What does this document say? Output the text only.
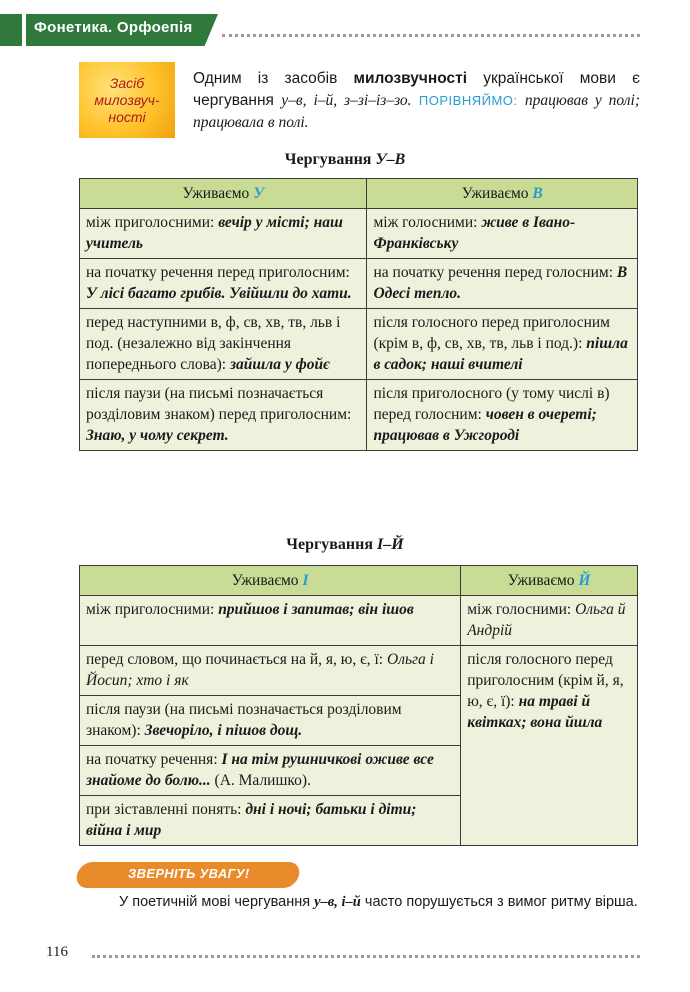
Фонетика. Орфоепія
Засіб
милозвуч-
ності
Одним із засобів милозвучності української мови є чергування у–в, і–й, з–зі–із–зо. ПОРІВНЯЙМО: працював у полі; працювала в полі.
Чергування У–В
Уживаємо У	Уживаємо В
між приголосними: вечір у місті; наш учитель	між голосними: живе в Івано-Франківську
на початку речення перед приголосним: У лісі багато грибів. Увійшли до хати.	на початку речення перед голосним: В Одесі тепло.
перед наступними в, ф, св, хв, тв, льв і под. (незалежно від закінчення попереднього слова): зайшла у фойє	після голосного перед приголосним (крім в, ф, св, хв, тв, льв і под.): пішла в садок; наші вчителі
після паузи (на письмі позначається розділовим знаком) перед приголосним: Знаю, у чому секрет.	після приголосного (у тому числі в) перед голосним: човен в очереті; працював в Ужгороді
Чергування І–Й
Уживаємо І	Уживаємо Й
між приголосними: прийшов і запитав; він ішов	між голосними: Ольга й Андрій
перед словом, що починається на й, я, ю, є, ї: Ольга і Йосип; хто і як	після голосного перед приголосним (крім й, я, ю, є, ї): на траві й квітках; вона йшла
після паузи (на письмі позначається розділовим знаком): Звечоріло, і пішов дощ.	
на початку речення: І на тім рушничкові оживе все знайоме до болю... (А. Малишко).	
при зіставленні понять: дні і ночі; батьки і діти; війна і мир	
ЗВЕРНІТЬ УВАГУ!
У поетичній мові чергування у–в, і–й часто порушується з вимог ритму вірша.
116
